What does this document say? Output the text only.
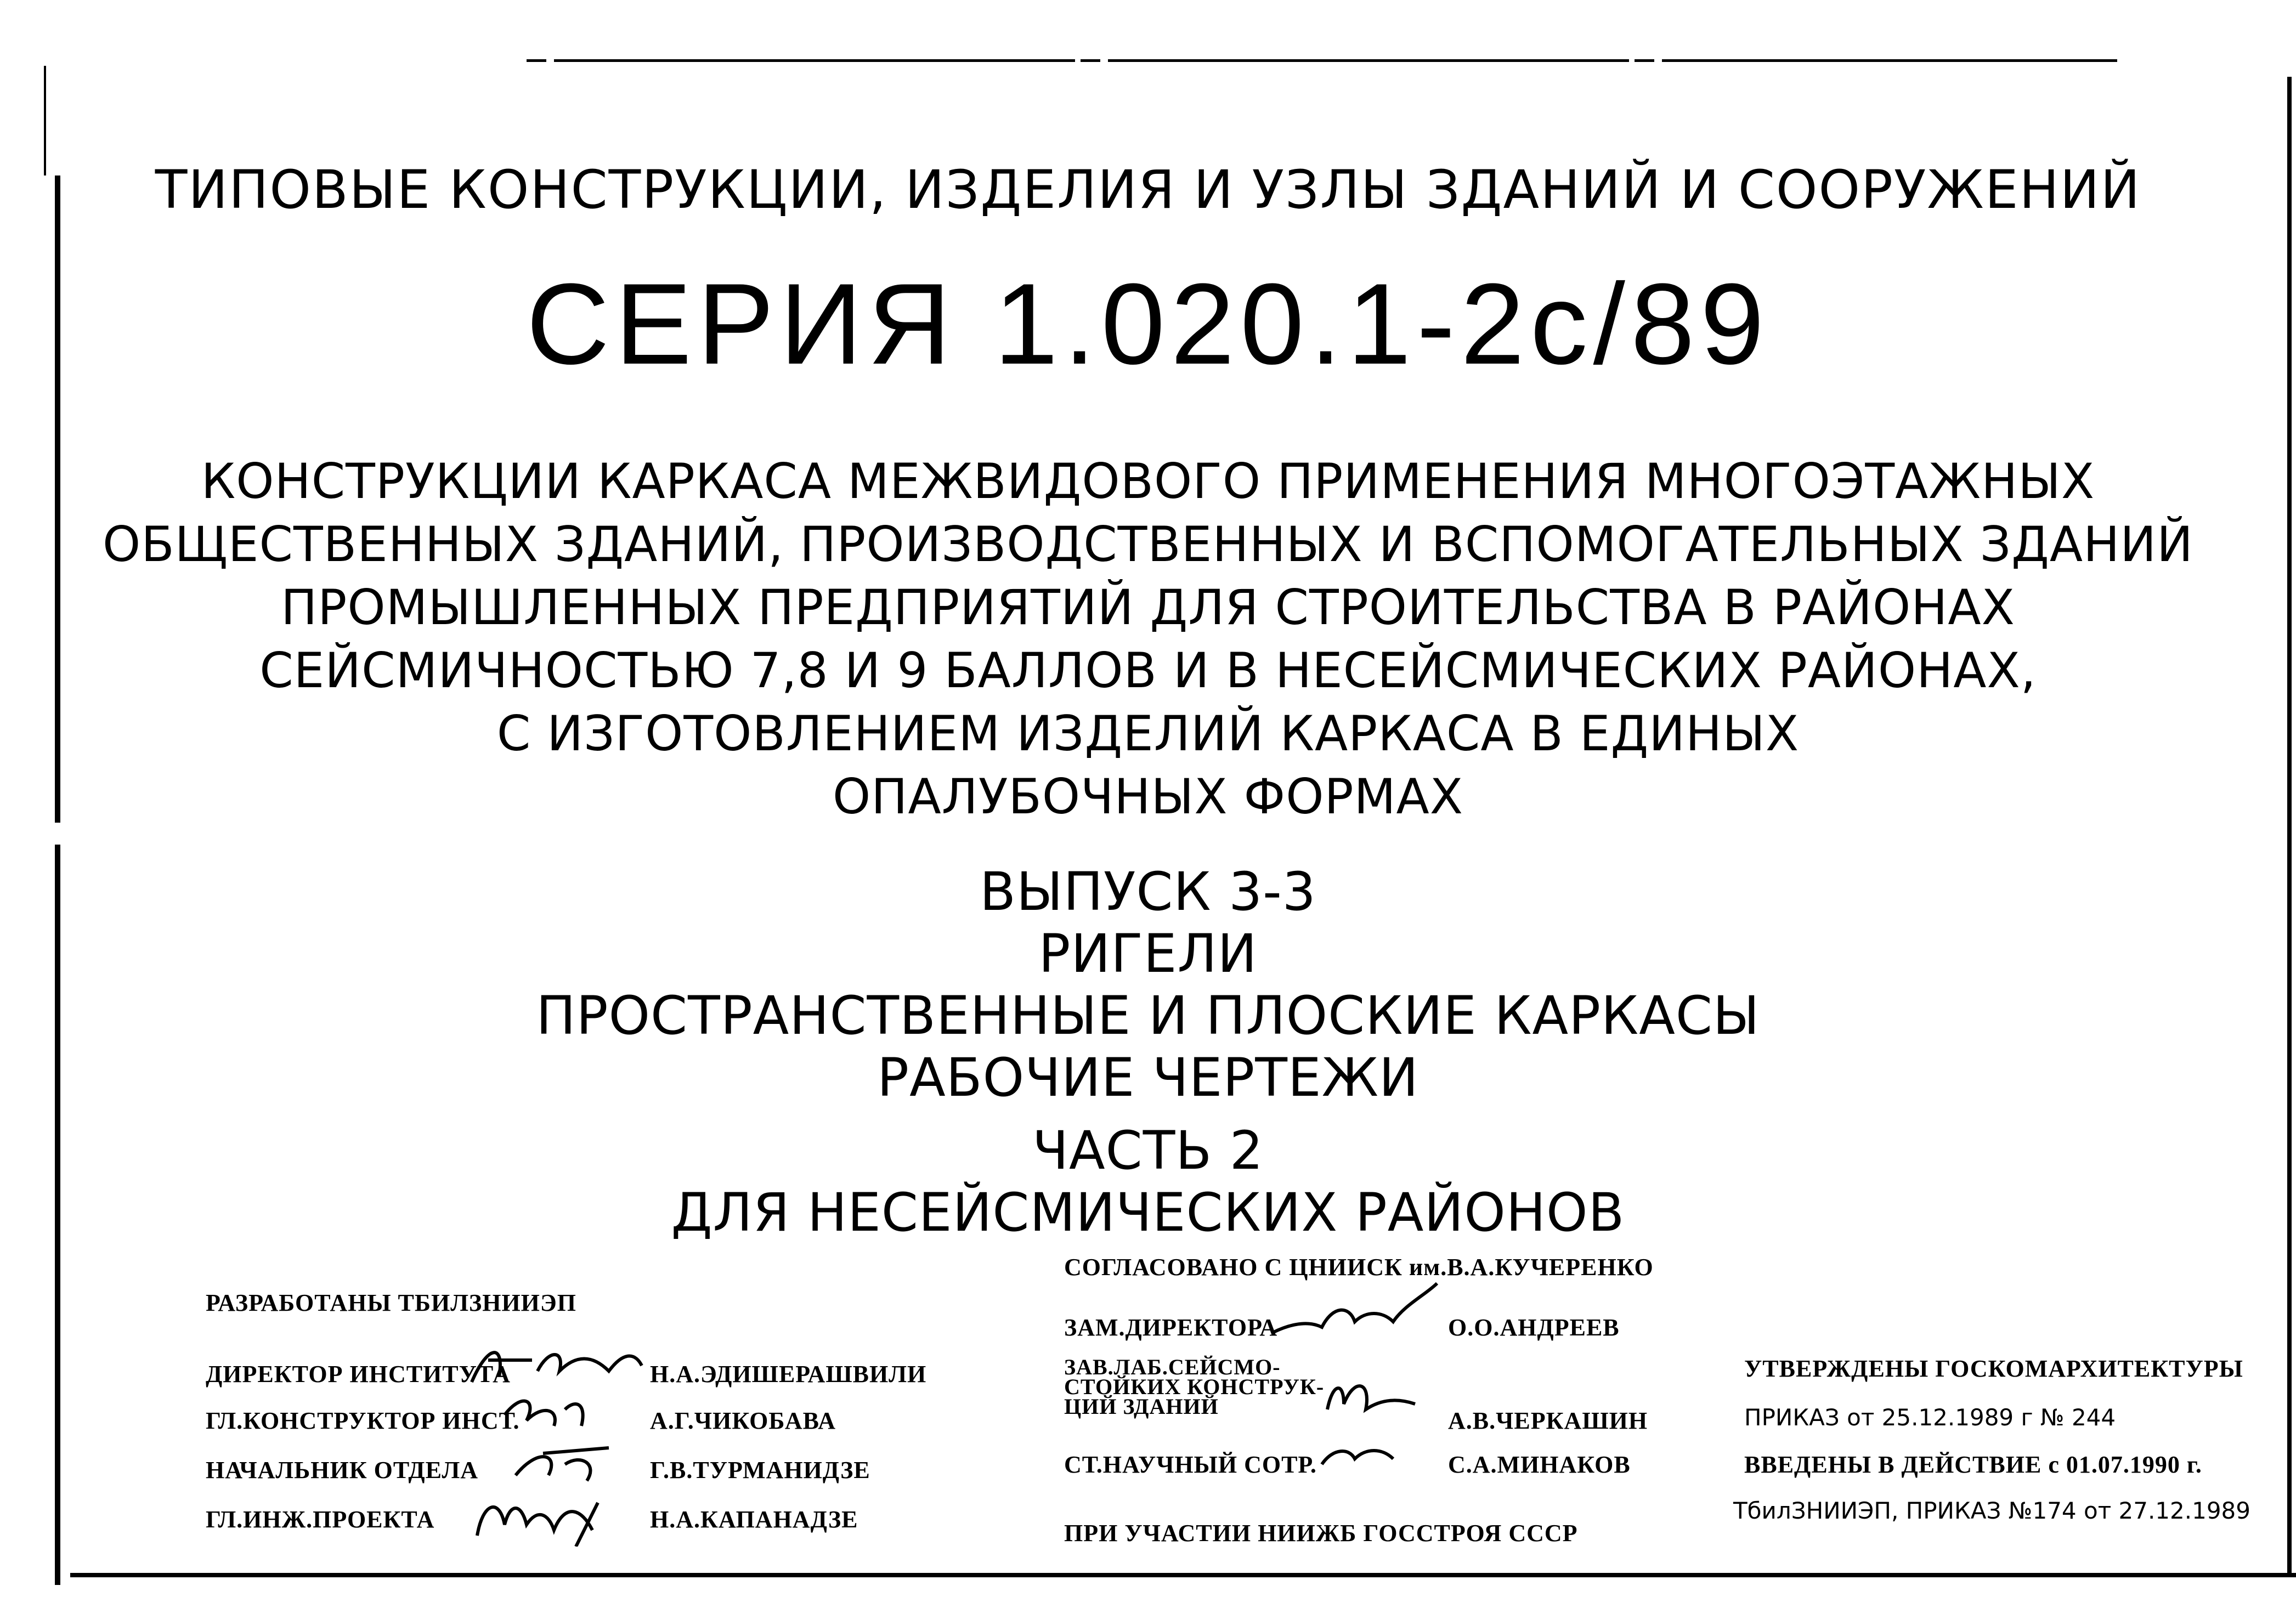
ТИПОВЫЕ КОНСТРУКЦИИ, ИЗДЕЛИЯ И УЗЛЫ ЗДАНИЙ И СООРУЖЕНИЙ
СЕРИЯ 1.020.1-2с/89
КОНСТРУКЦИИ КАРКАСА МЕЖВИДОВОГО ПРИМЕНЕНИЯ МНОГОЭТАЖНЫХ
ОБЩЕСТВЕННЫХ ЗДАНИЙ, ПРОИЗВОДСТВЕННЫХ И ВСПОМОГАТЕЛЬНЫХ ЗДАНИЙ
ПРОМЫШЛЕННЫХ ПРЕДПРИЯТИЙ ДЛЯ СТРОИТЕЛЬСТВА В РАЙОНАХ
СЕЙСМИЧНОСТЬЮ 7,8 И 9 БАЛЛОВ И В НЕСЕЙСМИЧЕСКИХ РАЙОНАХ,
С ИЗГОТОВЛЕНИЕМ ИЗДЕЛИЙ КАРКАСА В ЕДИНЫХ
ОПАЛУБОЧНЫХ ФОРМАХ
ВЫПУСК 3-3
РИГЕЛИ
ПРОСТРАНСТВЕННЫЕ И ПЛОСКИЕ КАРКАСЫ
РАБОЧИЕ ЧЕРТЕЖИ
ЧАСТЬ 2
ДЛЯ НЕСЕЙСМИЧЕСКИХ РАЙОНОВ
РАЗРАБОТАНЫ ТБИЛЗНИИЭП
ДИРЕКТОР ИНСТИТУТА	Н.А.ЭДИШЕРАШВИЛИ
ГЛ.КОНСТРУКТОР ИНСТ.	А.Г.ЧИКОБАВА
НАЧАЛЬНИК ОТДЕЛА	Г.В.ТУРМАНИДЗЕ
ГЛ.ИНЖ.ПРОЕКТА	Н.А.КАПАНАДЗЕ
СОГЛАСОВАНО С ЦНИИСК им.В.А.КУЧЕРЕНКО
ЗАМ.ДИРЕКТОРА	О.О.АНДРЕЕВ
ЗАВ.ЛАБ.СЕЙСМО-
СТОЙКИХ КОНСТРУК-
ЦИЙ ЗДАНИЙ
А.В.ЧЕРКАШИН
СТ.НАУЧНЫЙ СОТР.	С.А.МИНАКОВ
ПРИ УЧАСТИИ НИИЖБ ГОССТРОЯ СССР
УТВЕРЖДЕНЫ ГОСКОМАРХИТЕКТУРЫ
ПРИКАЗ от 25.12.1989 г № 244
ВВЕДЕНЫ В ДЕЙСТВИЕ с 01.07.1990 г.
ТбилЗНИИЭП, ПРИКАЗ №174 от 27.12.1989
